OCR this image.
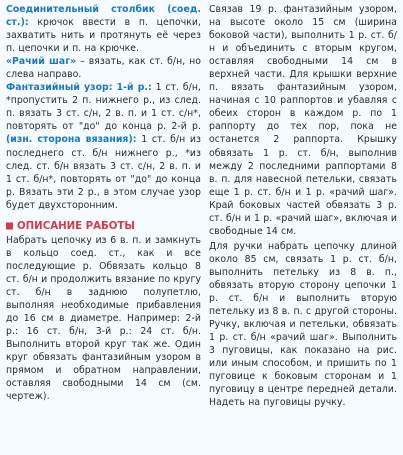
Соединительный столбик (соед. ст.): крючок ввести в п. цепочки, захватить нить и протянуть её через п. цепочки и п. на крючке.

«Рачий шаг» – вязать, как ст. б/н, но слева направо.

Фантазийный узор: 1-й р.: 1 ст. б/н, *пропустить 2 п. нижнего р., из след. п. вязать 3 ст. с/н, 2 в. п. и 1 ст. с/н*, повторять от "до" до конца р. 2-й р. (изн. сторона вязания): 1 ст. б/н из последнего ст. б/н нижнего р., *из след. ст. б/н вязать 3 ст. с/н, 2 в. п. и 1 ст. б/н*, повторять от "до" до конца р. Вязать эти 2 р., в этом случае узор будет двухсторонним.

ОПИСАНИЕ РАБОТЫ

Набрать цепочку из 6 в. п. и замкнуть в кольцо соед. ст., как и все последующие р. Обвязать кольцо 8 ст. б/н и продолжить вязание по кругу ст. б/н в заднюю полупетлю, выполняя необходимые прибавления до 16 см в диаметре. Например: 2-й р.: 16 ст. б/н, 3-й р.: 24 ст. б/н. Выполнить второй круг так же. Один круг обвязать фантазийным узором в прямом и обратном направлении, оставляя свободными 14 см (см. чертеж).

Связав 19 р. фантазийным узором, на высоте около 15 см (ширина боковой части), выполнить 1 р. ст. б/н и объединить с вторым кругом, оставляя свободными 14 см в верхней части. Для крышки верхние п. вязать фантазийным узором, начиная с 10 раппортов и убавляя с обеих сторон в каждом р. по 1 раппорту до тех пор, пока не останется 2 раппорта. Крышку обвязать 1 р. ст. б/н, выполнив между 2 последними раппортами 8 в. п. для навесной петельки, связать еще 1 р. ст. б/н и 1 р. «рачий шаг». Край боковых частей обвязать 3 р. ст. б/н и 1 р. «рачий шаг», включая и свободные 14 см.

Для ручки набрать цепочку длиной около 85 см, связать 1 р. ст. б/н, выполнить петельку из 8 в. п., обвязать вторую сторону цепочки 1 р. ст. б/н и выполнить вторую петельку из 8 в. п. с другой стороны. Ручку, включая и петельки, обвязать 1 р. ст. б/н «рачий шаг». Выполнить 3 пуговицы, как показано на рис. или иным способом, и пришить по 1 пуговице к боковым сторонам и 1 пуговицу в центре передней детали. Надеть на пуговицы ручку.
